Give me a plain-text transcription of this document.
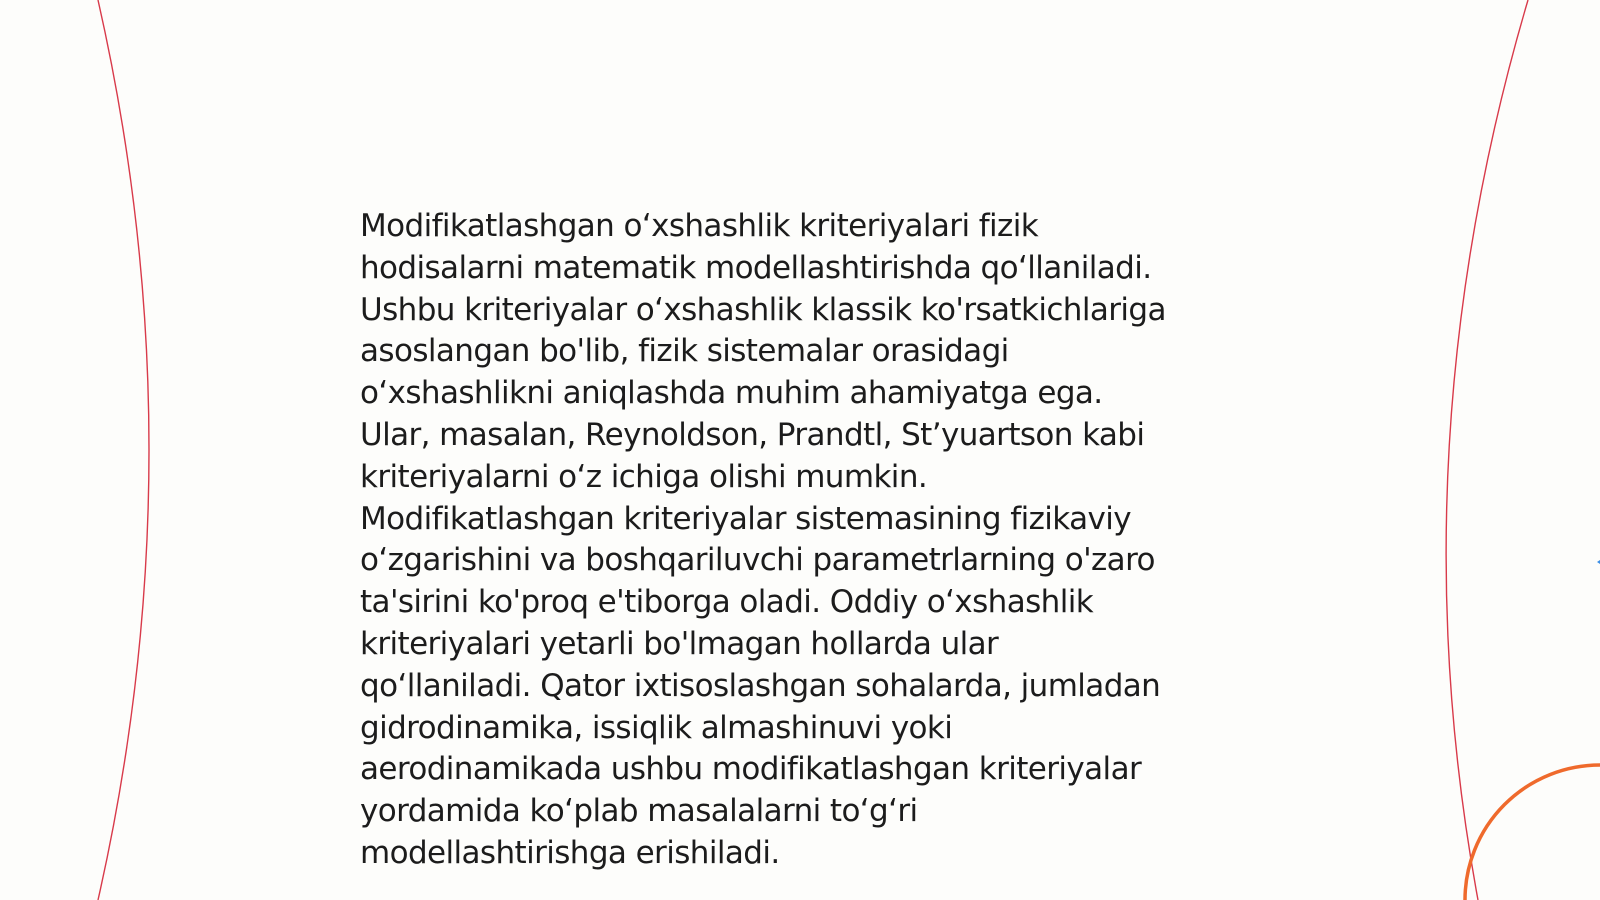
Modifikatlashgan o‘xshashlik kriteriyalari fizik
hodisalarni matematik modellashtirishda qo‘llaniladi.
Ushbu kriteriyalar o‘xshashlik klassik ko'rsatkichlariga
asoslangan bo'lib, fizik sistemalar orasidagi
o‘xshashlikni aniqlashda muhim ahamiyatga ega.
Ular, masalan, Reynoldson, Prandtl, St’yuartson kabi
kriteriyalarni o‘z ichiga olishi mumkin.
Modifikatlashgan kriteriyalar sistemasining fizikaviy
o‘zgarishini va boshqariluvchi parametrlarning o'zaro
ta'sirini ko'proq e'tiborga oladi. Oddiy o‘xshashlik
kriteriyalari yetarli bo'lmagan hollarda ular
qo‘llaniladi. Qator ixtisoslashgan sohalarda, jumladan
gidrodinamika, issiqlik almashinuvi yoki
aerodinamikada ushbu modifikatlashgan kriteriyalar
yordamida ko‘plab masalalarni to‘g‘ri
modellashtirishga erishiladi.
